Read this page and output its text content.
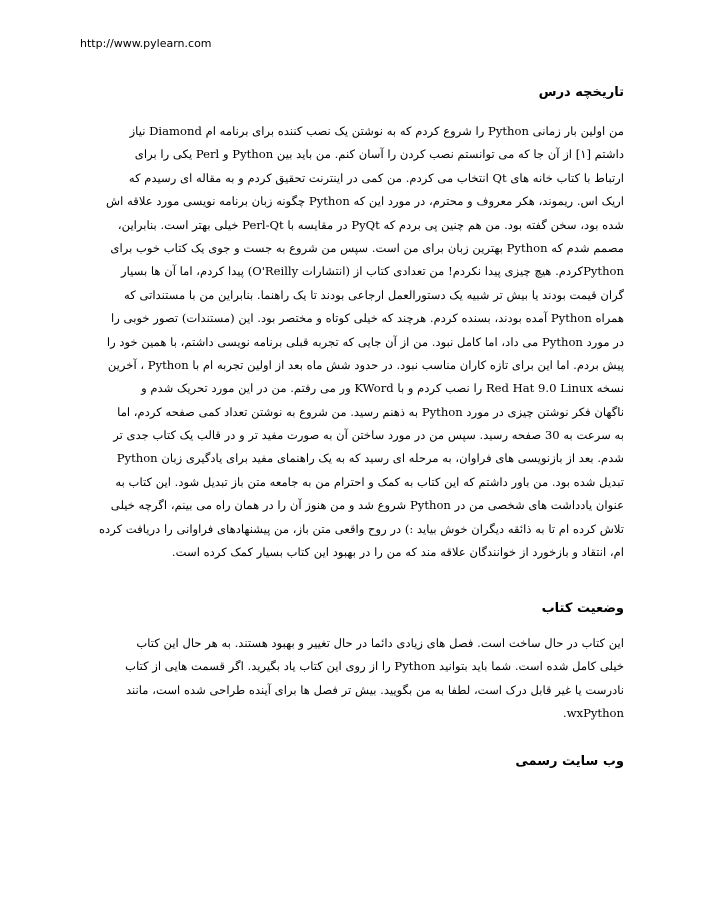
http://www.pylearn.com
تاریخچه درس
من اولین بار زمانی Python را شروع کردم که به نوشتن یک نصب کننده برای برنامه ام Diamond نیاز
داشتم [۱] از آن جا که می توانستم نصب کردن را آسان کنم. من باید بین Python و Perl یکی را برای
ارتباط با کتاب خانه های Qt انتخاب می کردم. من کمی در اینترنت تحقیق کردم و به مقاله ای رسیدم که
اریک اس. ریموند، هکر معروف و محترم، در مورد این که Python چگونه زبان برنامه نویسی مورد علاقه اش
شده بود، سخن گفته بود. من هم چنین پی بردم که PyQt در مقایسه با Perl-Qt خیلی بهتر است. بنابراین،
مصمم شدم که Python بهترین زبان برای من است. سپس من شروع به جست و جوی یک کتاب خوب برای
Pythonکردم. هیچ چیزی پیدا نکردم! من تعدادی کتاب از (انتشارات O'Reilly) پیدا کردم، اما آن ها بسیار
گران قیمت بودند یا بیش تر شبیه یک دستورالعمل ارجاعی بودند تا یک راهنما. بنابراین من با مستنداتی که
همراه Python آمده بودند، بسنده کردم. هرچند که خیلی کوتاه و مختصر بود. این (مستندات) تصور خوبی را
در مورد Python می داد، اما کامل نبود. من از آن جایی که تجربه قبلی برنامه نویسی داشتم، با همین خود را
پیش بردم. اما این برای تازه کاران مناسب نبود. در حدود شش ماه بعد از اولین تجربه ام با Python ، آخرین
نسخه Red Hat 9.0 Linux را نصب کردم و با KWord ور می رفتم. من در این مورد تحریک شدم و
ناگهان فکر نوشتن چیزی در مورد Python به ذهنم رسید. من شروع به نوشتن تعداد کمی صفحه کردم، اما
به سرعت به 30 صفحه رسید. سپس من در مورد ساختن آن به صورت مفید تر و در قالب یک کتاب جدی تر
شدم. بعد از بازنویسی های فراوان، به مرحله ای رسید که به یک راهنمای مفید برای یادگیری زبان Python
تبدیل شده بود. من باور داشتم که این کتاب به کمک و احترام من به جامعه متن باز تبدیل شود. این کتاب به
عنوان یادداشت های شخصی من در Python شروع شد و من هنوز آن را در همان راه می بینم، اگرچه خیلی
تلاش کرده ام تا به ذائقه دیگران خوش بیاید :) در روح واقعی متن باز، من پیشنهادهای فراوانی را دریافت کرده
ام، انتقاد و بازخورد از خوانندگان علاقه مند که من را در بهبود این کتاب بسیار کمک کرده است.
وضعیت کتاب
این کتاب در حال ساخت است. فصل های زیادی دائما در حال تغییر و بهبود هستند. به هر حال این کتاب
خیلی کامل شده است. شما باید بتوانید Python را از روی این کتاب یاد بگیرید. اگر قسمت هایی از کتاب
نادرست یا غیر قابل درک است، لطفا به من بگویید. بیش تر فصل ها برای آینده طراحی شده است، مانند
wxPython.
وب سایت رسمی
